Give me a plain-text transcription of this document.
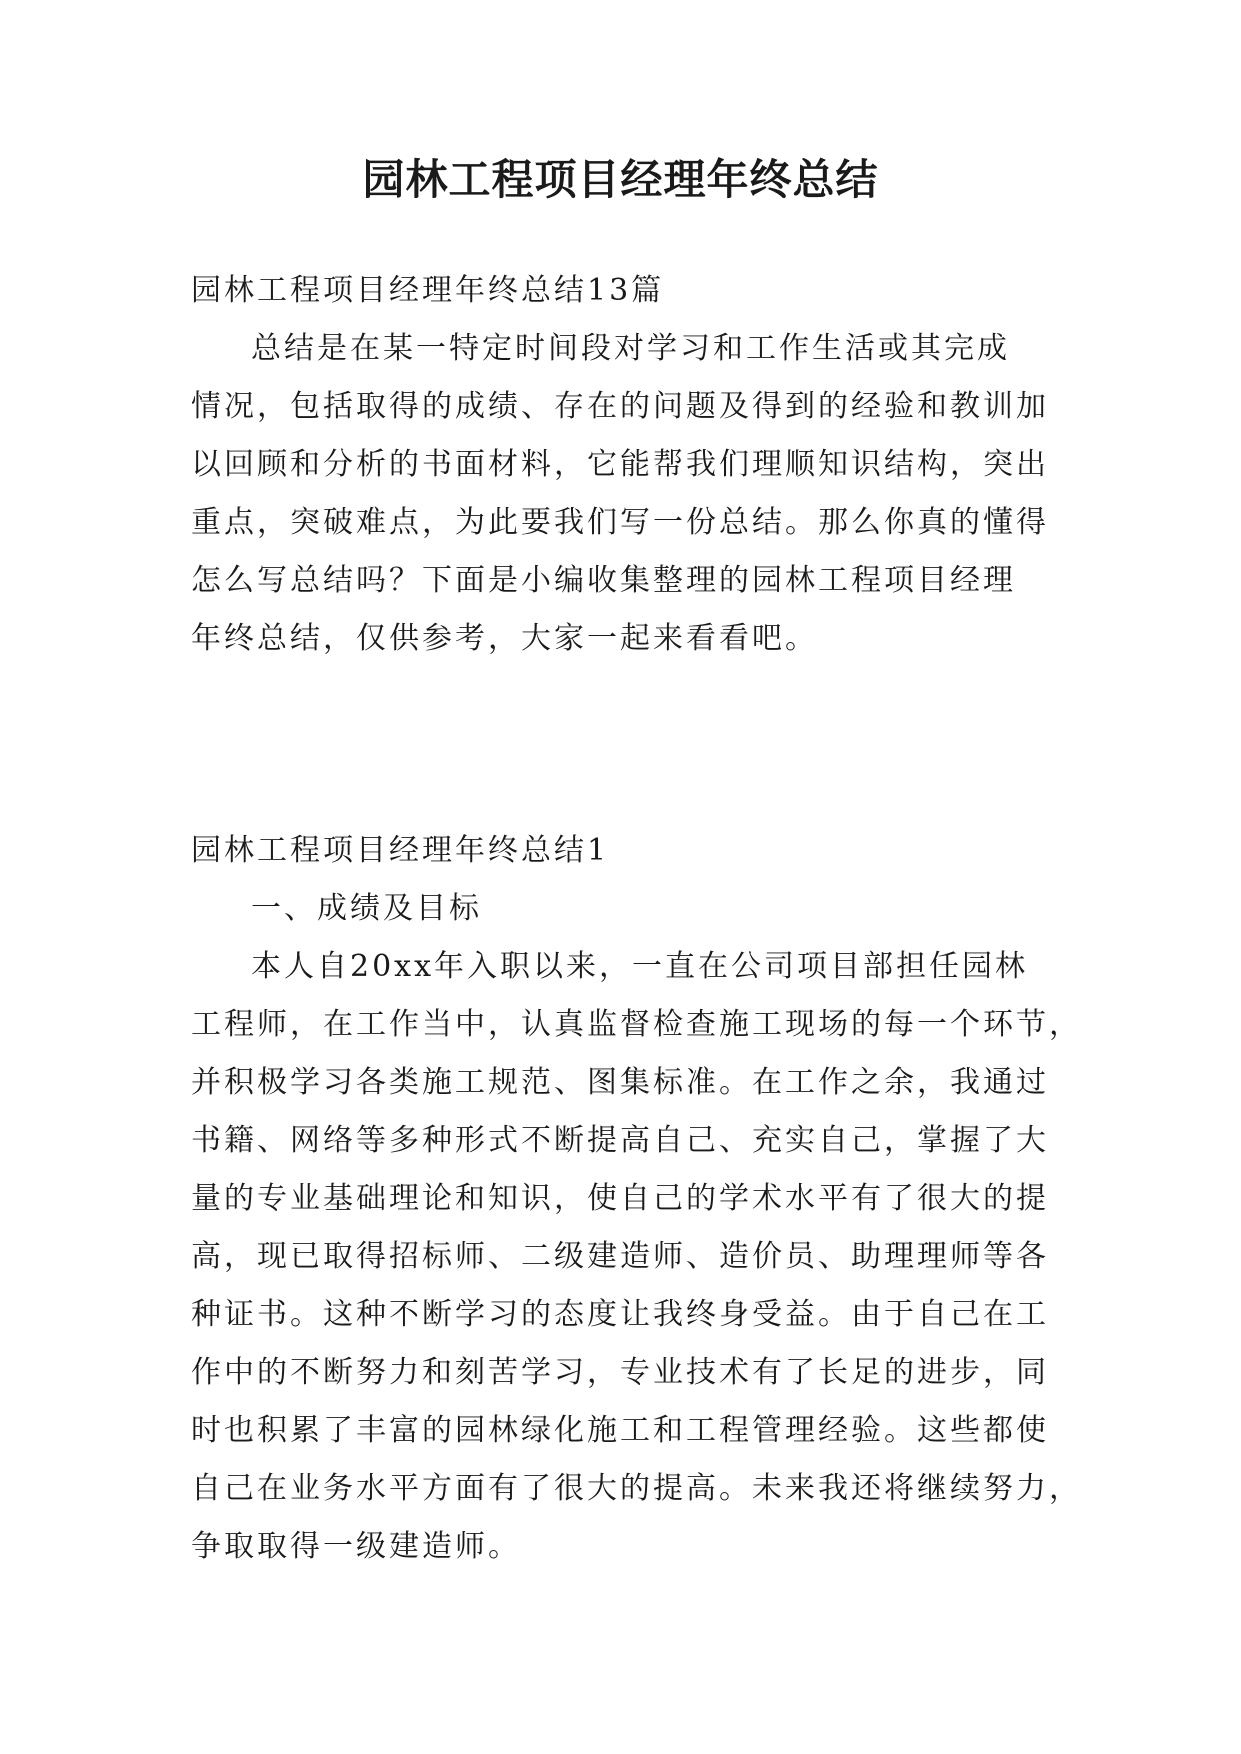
园林工程项目经理年终总结
园林工程项目经理年终总结13篇
总结是在某一特定时间段对学习和工作生活或其完成
情况，包括取得的成绩、存在的问题及得到的经验和教训加
以回顾和分析的书面材料，它能帮我们理顺知识结构，突出
重点，突破难点，为此要我们写一份总结。那么你真的懂得
怎么写总结吗？下面是小编收集整理的园林工程项目经理
年终总结，仅供参考，大家一起来看看吧。
园林工程项目经理年终总结1
一、成绩及目标
本人自20xx年入职以来，一直在公司项目部担任园林
工程师，在工作当中，认真监督检查施工现场的每一个环节，
并积极学习各类施工规范、图集标准。在工作之余，我通过
书籍、网络等多种形式不断提高自己、充实自己，掌握了大
量的专业基础理论和知识，使自己的学术水平有了很大的提
高，现已取得招标师、二级建造师、造价员、助理理师等各
种证书。这种不断学习的态度让我终身受益。由于自己在工
作中的不断努力和刻苦学习，专业技术有了长足的进步，同
时也积累了丰富的园林绿化施工和工程管理经验。这些都使
自己在业务水平方面有了很大的提高。未来我还将继续努力，
争取取得一级建造师。
